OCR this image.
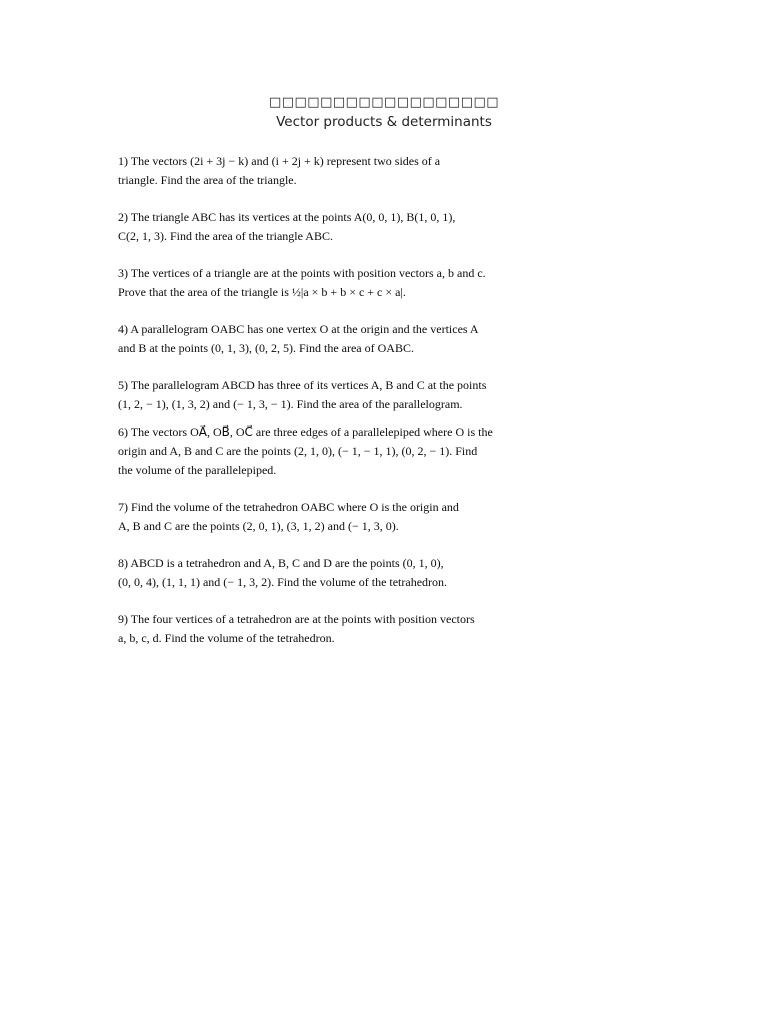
□□□□□□□□□□□□□□□□□□
Vector products & determinants
1) The vectors (2i + 3j − k) and (i + 2j + k) represent two sides of a
triangle. Find the area of the triangle.
2) The triangle ABC has its vertices at the points A(0, 0, 1), B(1, 0, 1),
C(2, 1, 3). Find the area of the triangle ABC.
3) The vertices of a triangle are at the points with position vectors a, b and c.
Prove that the area of the triangle is ½|a × b + b × c + c × a|.
4) A parallelogram OABC has one vertex O at the origin and the vertices A
and B at the points (0, 1, 3), (0, 2, 5). Find the area of OABC.
5) The parallelogram ABCD has three of its vertices A, B and C at the points
(1, 2, − 1), (1, 3, 2) and (− 1, 3, − 1). Find the area of the parallelogram.
6) The vectors OA⃗, OB⃗, OC⃗ are three edges of a parallelepiped where O is the
origin and A, B and C are the points (2, 1, 0), (− 1, − 1, 1), (0, 2, − 1). Find
the volume of the parallelepiped.
7) Find the volume of the tetrahedron OABC where O is the origin and
A, B and C are the points (2, 0, 1), (3, 1, 2) and (− 1, 3, 0).
8) ABCD is a tetrahedron and A, B, C and D are the points (0, 1, 0),
(0, 0, 4), (1, 1, 1) and (− 1, 3, 2). Find the volume of the tetrahedron.
9) The four vertices of a tetrahedron are at the points with position vectors
a, b, c, d. Find the volume of the tetrahedron.
